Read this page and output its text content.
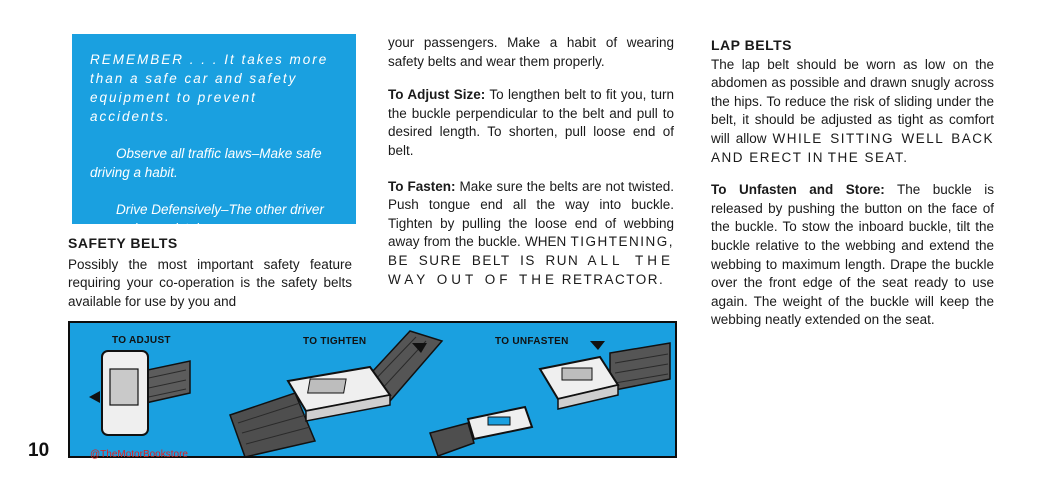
REMEMBER . . . It takes more than a safe car and safety equipment to prevent accidents.

Observe all traffic laws–Make safe driving a habit.

Drive Defensively–The other driver can make a mistake.

SAFETY BELTS

Possibly the most important safety feature requiring your co-operation is the safety belts available for use by you and

your passengers. Make a habit of wearing safety belts and wear them properly.

To Adjust Size: To lengthen belt to fit you, turn the buckle perpendicular to the belt and pull to desired length. To shorten, pull loose end of belt.

To Fasten: Make sure the belts are not twisted. Push tongue end all the way into buckle. Tighten by pulling the loose end of webbing away from the buckle. WHEN TIGHTENING, BE SURE BELT IS RUN ALL THE WAY OUT OF THE RETRACTOR.

LAP BELTS

The lap belt should be worn as low on the abdomen as possible and drawn snugly across the hips. To reduce the risk of sliding under the belt, it should be adjusted as tight as comfort will allow WHILE SITTING WELL BACK AND ERECT IN THE SEAT.

To Unfasten and Store: The buckle is released by pushing the button on the face of the buckle. To stow the inboard buckle, tilt the buckle relative to the webbing and extend the webbing to maximum length. Drape the buckle over the front edge of the seat ready to use again. The weight of the buckle will keep the webbing neatly extended on the seat.

TO ADJUST	TO TIGHTEN	TO UNFASTEN
10	@TheMotorBookstore
